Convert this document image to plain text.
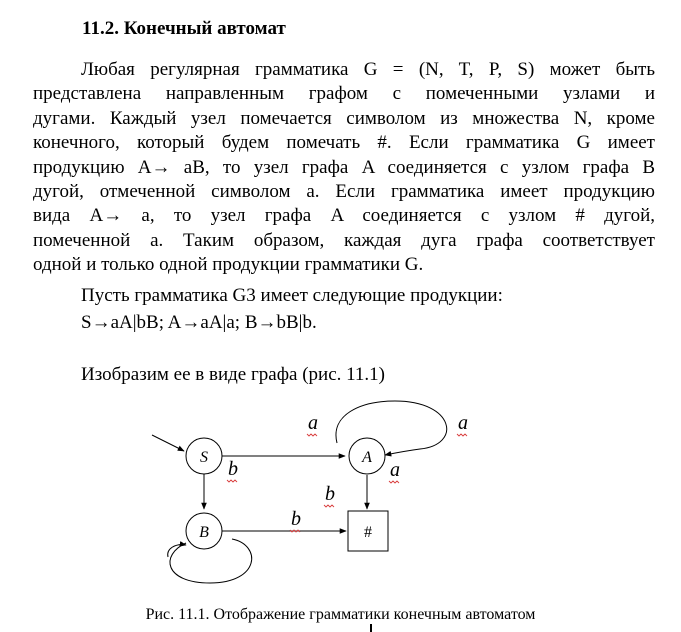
11.2. Конечный автомат
Любая регулярная грамматика G = (N, T, P, S) может быть
представлена направленным графом с помеченными узлами и
дугами. Каждый узел помечается символом из множества N, кроме
конечного, который будем помечать #. Если грамматика G имеет
продукцию A→ aB, то узел графа A соединяется с узлом графа B
дугой, отмеченной символом a. Если грамматика имеет продукцию
вида A→ a, то узел графа A соединяется с узлом # дугой,
помеченной a. Таким образом, каждая дуга графа соответствует
одной и только одной продукции грамматики G.
Пусть грамматика G3 имеет следующие продукции:
S→aA|bB; A→aA|a; B→bB|b.
Изобразим ее в виде графа (рис. 11.1)
S	A
B	#
a	a
b	a
b
b
Рис. 11.1. Отображение грамматики конечным автоматом
